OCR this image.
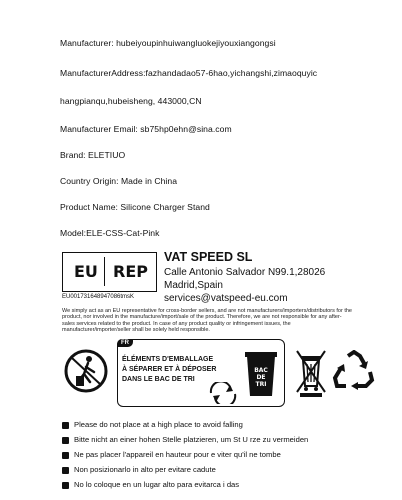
Manufacturer: hubeiyoupinhuiwangluokejiyouxiangongsi
ManufacturerAddress:fazhandadao57-6hao,yichangshi,zimaoquyic
hangpianqu,hubeisheng, 443000,CN
Manufacturer Email: sb75hp0ehn@sina.com
Brand: ELETIUO
Country Origin: Made in China
Product Name: Silicone Charger Stand
Model:ELE-CSS-Cat-Pink
EU REP
EU001731648947086tmsK
VAT SPEED SL
Calle Antonio Salvador N99.1,28026
Madrid,Spain
services@vatspeed-eu.com
We simply act as an EU representative for cross-border sellers, and are not manufacturers/importers/distributors for the product, nor involved in the manufacture/import/sale of the product. Therefore, we are not responsible for any after-sales services related to the product. In case of any product quality or infringement issues, the manufacturer/importer/seller shall be solely held responsible.
FR
ÉLÉMENTS D'EMBALLAGE
À SÉPARER ET À DÉPOSER
DANS LE BAC DE TRI
BAC
DE
TRI
Please do not place at a high place to avoid falling
Bitte nicht an einer hohen Stelle platzieren, um St U rze zu vermeiden
Ne pas placer l'appareil en hauteur pour e viter qu'il ne tombe
Non posizionarlo in alto per evitare cadute
No lo coloque en un lugar alto para evitarca i das
